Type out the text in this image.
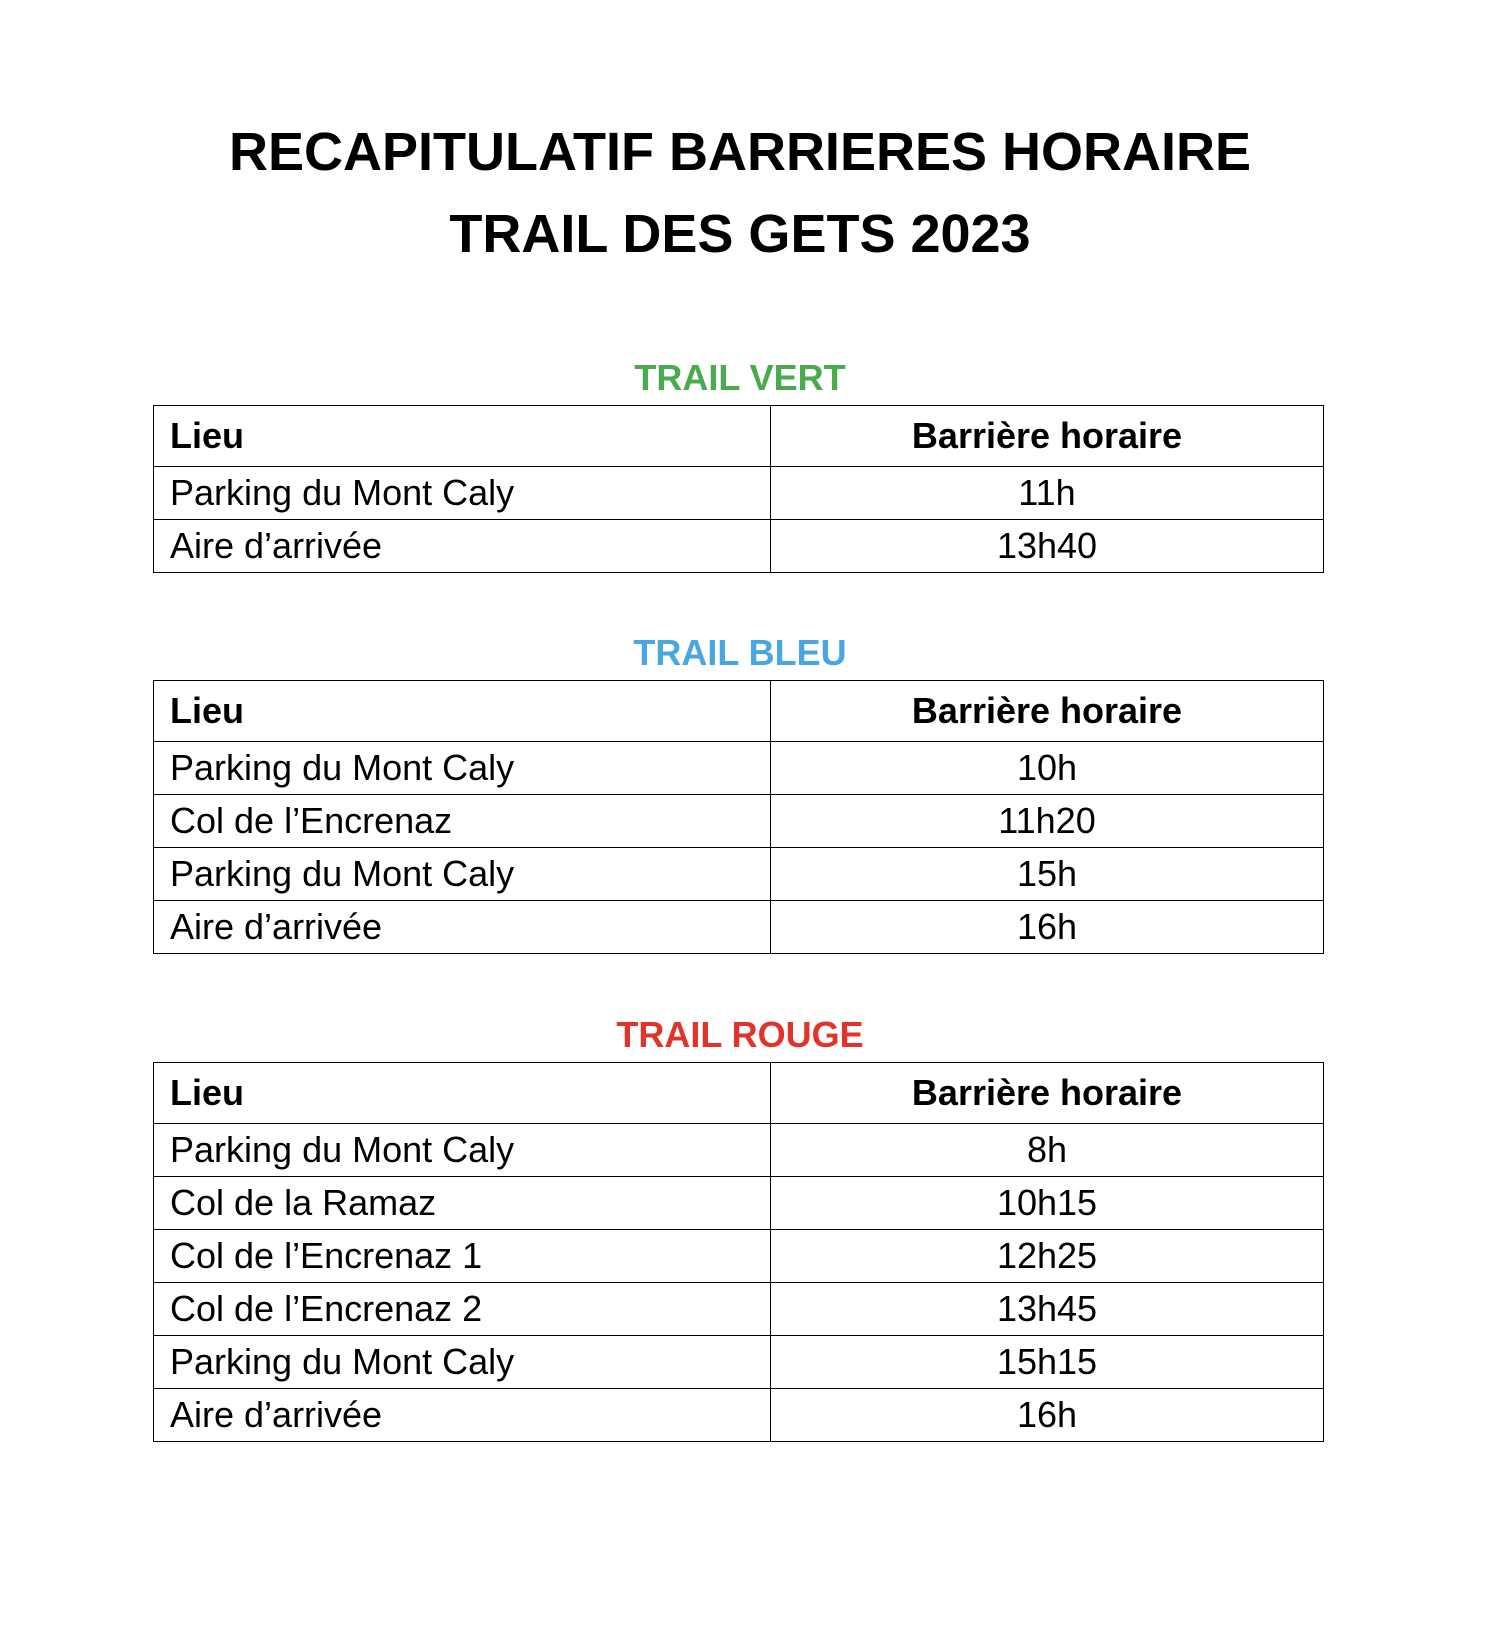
RECAPITULATIF BARRIERES HORAIRE
TRAIL DES GETS 2023
TRAIL VERT
Lieu	Barrière horaire
Parking du Mont Caly	11h
Aire d’arrivée	13h40
TRAIL BLEU
Lieu	Barrière horaire
Parking du Mont Caly	10h
Col de l’Encrenaz	11h20
Parking du Mont Caly	15h
Aire d’arrivée	16h
TRAIL ROUGE
Lieu	Barrière horaire
Parking du Mont Caly	8h
Col de la Ramaz	10h15
Col de l’Encrenaz 1	12h25
Col de l’Encrenaz 2	13h45
Parking du Mont Caly	15h15
Aire d’arrivée	16h
